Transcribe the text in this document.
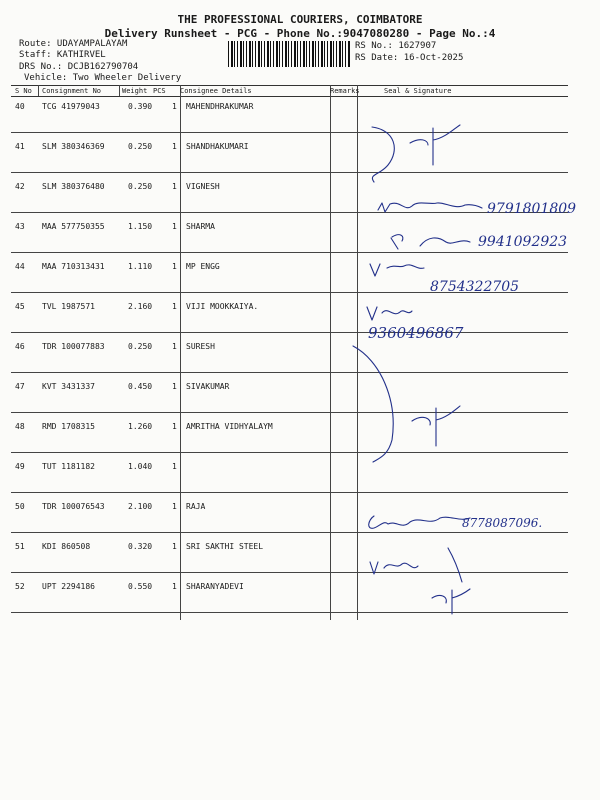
THE PROFESSIONAL COURIERS, COIMBATORE
Delivery Runsheet - PCG - Phone No.:9047080280 - Page No.:4
Route: UDAYAMPALAYAM
Staff: KATHIRVEL
DRS No.: DCJB162790704
Vehicle: Two Wheeler Delivery
RS No.: 1627907
RS Date: 16-Oct-2025
S No Consignment No	Weight PCS Consignee Details	Remarks	Seal & Signature
40 TCG 41979043	0.390 1 MAHENDHRAKUMAR
41 SLM 380346369	0.250 1 SHANDHAKUMARI
42 SLM 380376480	0.250 1 VIGNESH
43 MAA 577750355	1.150 1 SHARMA
44 MAA 710313431	1.110 1 MP ENGG
45 TVL 1987571	2.160 1 VIJI MOOKKAIYA.
46 TDR 100077883	0.250 1 SURESH
47 KVT 3431337	0.450 1 SIVAKUMAR
48 RMD 1708315	1.260 1 AMRITHA VIDHYALAYM
49 TUT 1181182	1.040 1
50 TDR 100076543	2.100 1 RAJA
51 KDI 860508	0.320 1 SRI SAKTHI STEEL
52 UPT 2294186	0.550 1 SHARANYADEVI
9791801809
9941092923
8754322705
9360496867
8778087096.
